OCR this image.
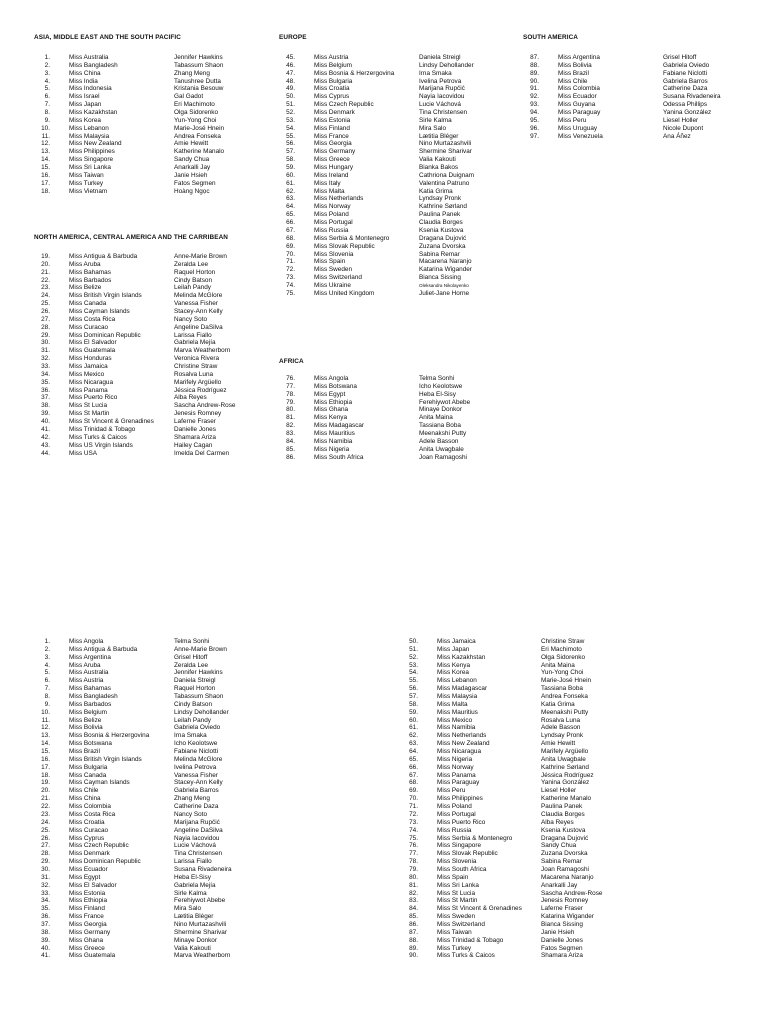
ASIA, MIDDLE EAST AND THE SOUTH PACIFIC
1.	Miss Australia	Jennifer Hawkins
2.	Miss Bangladesh	Tabassum Shaon
3.	Miss China	Zhang Meng
4.	Miss India	Tanushree Dutta
5.	Miss Indonesia	Kristania Besouw
6.	Miss Israel	Gal Gadot
7.	Miss Japan	Eri Machimoto
8.	Miss Kazakhstan	Olga Sidorenko
9.	Miss Korea	Yun-Yong Choi
10.	Miss Lebanon	Marie-José Hnein
11.	Miss Malaysia	Andrea Fonseka
12.	Miss New Zealand	Amie Hewitt
13.	Miss Philippines	Katherine Manalo
14.	Miss Singapore	Sandy Chua
15.	Miss Sri Lanka	Anarkalli Jay
16.	Miss Taiwan	Janie Hsieh
17.	Miss Turkey	Fatos Segmen
18.	Miss Vietnam	Hoàng Ngọc
NORTH AMERICA, CENTRAL AMERICA AND THE CARRIBEAN
19.	Miss Antigua & Barbuda	Anne-Marie Brown
20.	Miss Aruba	Zeralda Lee
21.	Miss Bahamas	Raquel Horton
22.	Miss Barbados	Cindy Batson
23.	Miss Belize	Leilah Pandy
24.	Miss British Virgin Islands	Melinda McGlore
25.	Miss Canada	Vanessa Fisher
26.	Miss Cayman Islands	Stacey-Ann Kelly
27.	Miss Costa Rica	Nancy Soto
28.	Miss Curacao	Angeline DaSilva
29.	Miss Dominican Republic	Larissa Fiallo
30.	Miss El Salvador	Gabriela Mejía
31.	Miss Guatemala	Marva Weatherborn
32.	Miss Honduras	Veronica Rivera
33.	Miss Jamaica	Christine Straw
34.	Miss Mexico	Rosalva Luna
35.	Miss Nicaragua	Marifely Argüello
36.	Miss Panama	Jéssica Rodríguez
37.	Miss Puerto Rico	Alba Reyes
38.	Miss St Lucia	Sascha Andrew-Rose
39.	Miss St Martin	Jenesis Romney
40.	Miss St Vincent & Grenadines	Laferne Fraser
41.	Miss Trinidad & Tobago	Danielle Jones
42.	Miss Turks & Caicos	Shamara Ariza
43.	Miss US Virgin Islands	Hailey Cagan
44.	Miss USA	Imelda Del Carmen
EUROPE
45.	Miss Austria	Daniela Streigl
46.	Miss Belgium	Lindsy Dehollander
47.	Miss Bosnia & Herzergovina	Irna Smaka
48.	Miss Bulgaria	Ivelina Petrova
49.	Miss Croatia	Marijana Rupčić
50.	Miss Cyprus	Nayia Iacovidou
51.	Miss Czech Republic	Lucie Váchová
52.	Miss Denmark	Tina Christensen
53.	Miss Estonia	Sirle Kalma
54.	Miss Finland	Mira Salo
55.	Miss France	Lætitia Bléger
56.	Miss Georgia	Nino Murtazashvili
57.	Miss Germany	Shermine Sharivar
58.	Miss Greece	Valia Kakouti
59.	Miss Hungary	Bianka Bakos
60.	Miss Ireland	Cathriona Duignam
61.	Miss Italy	Valentina Patruno
62.	Miss Malta	Katia Grima
63.	Miss Netherlands	Lyndsay Pronk
64.	Miss Norway	Kathrine Sørland
65.	Miss Poland	Paulina Panek
66.	Miss Portugal	Claudia Borges
67.	Miss Russia	Ksenia Kustova
68.	Miss Serbia & Montenegro	Dragana Dujović
69.	Miss Slovak Republic	Zuzana Dvorska
70.	Miss Slovenia	Sabina Remar
71.	Miss Spain	Macarena Naranjo
72.	Miss Sweden	Katarina Wigander
73.	Miss Switzerland	Bianca Sissing
74.	Miss Ukraine	Oleksandra Nikolayenko
75.	Miss United Kingdom	Juliet-Jane Horne
AFRICA
76.	Miss Angola	Telma Sonhi
77.	Miss Botswana	Icho Keolotswe
78.	Miss Egypt	Heba El-Sisy
79.	Miss Ethiopia	Ferehiywot Abebe
80.	Miss Ghana	Minaye Donkor
81.	Miss Kenya	Anita Maina
82.	Miss Madagascar	Tassiana Boba
83.	Miss Mauritius	Meenakshi Putty
84.	Miss Namibia	Adele Basson
85.	Miss Nigeria	Anita Uwagbale
86.	Miss South Africa	Joan Ramagoshi
SOUTH AMERICA
87.	Miss Argentina	Grisel Hitoff
88.	Miss Bolivia	Gabriela Oviedo
89.	Miss Brazil	Fabiane Niclotti
90.	Miss Chile	Gabriela Barros
91.	Miss Colombia	Catherine Daza
92.	Miss Ecuador	Susana Rivadeneira
93.	Miss Guyana	Odessa Phillips
94.	Miss Paraguay	Yanina González
95.	Miss Peru	Liesel Holler
96.	Miss Uruguay	Nicole Dupont
97.	Miss Venezuela	Ana Áñez
1.	Miss Angola	Telma Sonhi
2.	Miss Antigua & Barbuda	Anne-Marie Brown
3.	Miss Argentina	Grisel Hitoff
4.	Miss Aruba	Zeralda Lee
5.	Miss Australia	Jennifer Hawkins
6.	Miss Austria	Daniela Streigl
7.	Miss Bahamas	Raquel Horton
8.	Miss Bangladesh	Tabassum Shaon
9.	Miss Barbados	Cindy Batson
10.	Miss Belgium	Lindsy Dehollander
11.	Miss Belize	Leilah Pandy
12.	Miss Bolivia	Gabriela Oviedo
13.	Miss Bosnia & Herzergovina	Irna Smaka
14.	Miss Botswana	Icho Keolotswe
15.	Miss Brazil	Fabiane Niclotti
16.	Miss British Virgin Islands	Melinda McGlore
17.	Miss Bulgaria	Ivelina Petrova
18.	Miss Canada	Vanessa Fisher
19.	Miss Cayman Islands	Stacey-Ann Kelly
20.	Miss Chile	Gabriela Barros
21.	Miss China	Zhang Meng
22.	Miss Colombia	Catherine Daza
23.	Miss Costa Rica	Nancy Soto
24.	Miss Croatia	Marijana Rupčić
25.	Miss Curacao	Angeline DaSilva
26.	Miss Cyprus	Nayia Iacovidou
27.	Miss Czech Republic	Lucie Váchová
28.	Miss Denmark	Tina Christensen
29.	Miss Dominican Republic	Larissa Fiallo
30.	Miss Ecuador	Susana Rivadeneira
31.	Miss Egypt	Heba El-Sisy
32.	Miss El Salvador	Gabriela Mejía
33.	Miss Estonia	Sirle Kalma
34.	Miss Ethiopia	Ferehiywot Abebe
35.	Miss Finland	Mira Salo
36.	Miss France	Lætitia Bléger
37.	Miss Georgia	Nino Murtazashvili
38.	Miss Germany	Shermine Sharivar
39.	Miss Ghana	Minaye Donkor
40.	Miss Greece	Valia Kakouti
41.	Miss Guatemala	Marva Weatherborn
50.	Miss Jamaica	Christine Straw
51.	Miss Japan	Eri Machimoto
52.	Miss Kazakhstan	Olga Sidorenko
53.	Miss Kenya	Anita Maina
54.	Miss Korea	Yun-Yong Choi
55.	Miss Lebanon	Marie-José Hnein
56.	Miss Madagascar	Tassiana Boba
57.	Miss Malaysia	Andrea Fonseka
58.	Miss Malta	Katia Grima
59.	Miss Mauritius	Meenakshi Putty
60.	Miss Mexico	Rosalva Luna
61.	Miss Namibia	Adele Basson
62.	Miss Netherlands	Lyndsay Pronk
63.	Miss New Zealand	Amie Hewitt
64.	Miss Nicaragua	Marifely Argüello
65.	Miss Nigeria	Anita Uwagbale
66.	Miss Norway	Kathrine Sørland
67.	Miss Panama	Jéssica Rodríguez
68.	Miss Paraguay	Yanina González
69.	Miss Peru	Liesel Holler
70.	Miss Philippines	Katherine Manalo
71.	Miss Poland	Paulina Panek
72.	Miss Portugal	Claudia Borges
73.	Miss Puerto Rico	Alba Reyes
74.	Miss Russia	Ksenia Kustova
75.	Miss Serbia & Montenegro	Dragana Dujović
76.	Miss Singapore	Sandy Chua
77.	Miss Slovak Republic	Zuzana Dvorska
78.	Miss Slovenia	Sabina Remar
79.	Miss South Africa	Joan Ramagoshi
80.	Miss Spain	Macarena Naranjo
81.	Miss Sri Lanka	Anarkalli Jay
82.	Miss St Lucia	Sascha Andrew-Rose
83.	Miss St Martin	Jenesis Romney
84.	Miss St Vincent & Grenadines	Laferne Fraser
85.	Miss Sweden	Katarina Wigander
86.	Miss Switzerland	Bianca Sissing
87.	Miss Taiwan	Janie Hsieh
88.	Miss Trinidad & Tobago	Danielle Jones
89.	Miss Turkey	Fatos Segmen
90.	Miss Turks & Caicos	Shamara Ariza
